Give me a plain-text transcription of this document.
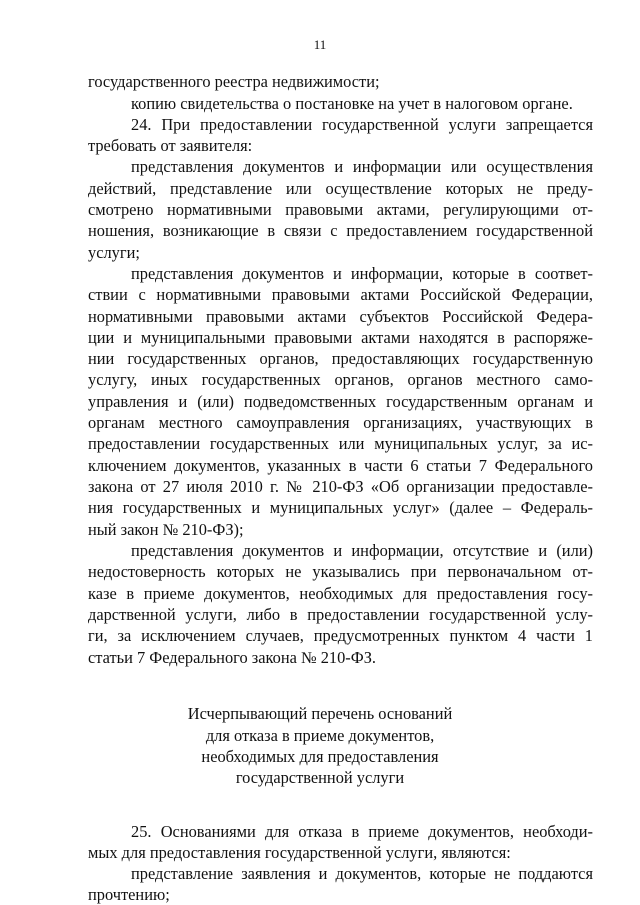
11
государственного реестра недвижимости;
копию свидетельства о постановке на учет в налоговом органе.
24. При предоставлении государственной услуги запрещается
требовать от заявителя:
представления документов и информации или осуществления
действий, представление или осуществление которых не преду-
смотрено нормативными правовыми актами, регулирующими от-
ношения, возникающие в связи с предоставлением государственной
услуги;
представления документов и информации, которые в соответ-
ствии с нормативными правовыми актами Российской Федерации,
нормативными правовыми актами субъектов Российской Федера-
ции и муниципальными правовыми актами находятся в распоряже-
нии государственных органов, предоставляющих государственную
услугу, иных государственных органов, органов местного само-
управления и (или) подведомственных государственным органам и
органам местного самоуправления организациях, участвующих в
предоставлении государственных или муниципальных услуг, за ис-
ключением документов, указанных в части 6 статьи 7 Федерального
закона от 27 июля 2010 г. № 210-ФЗ «Об организации предоставле-
ния государственных и муниципальных услуг» (далее – Федераль-
ный закон № 210-ФЗ);
представления документов и информации, отсутствие и (или)
недостоверность которых не указывались при первоначальном от-
казе в приеме документов, необходимых для предоставления госу-
дарственной услуги, либо в предоставлении государственной услу-
ги, за исключением случаев, предусмотренных пунктом 4 части 1
статьи 7 Федерального закона № 210-ФЗ.
Исчерпывающий перечень оснований
для отказа в приеме документов,
необходимых для предоставления
государственной услуги
25. Основаниями для отказа в приеме документов, необходи-
мых для предоставления государственной услуги, являются:
представление заявления и документов, которые не поддаются
прочтению;
